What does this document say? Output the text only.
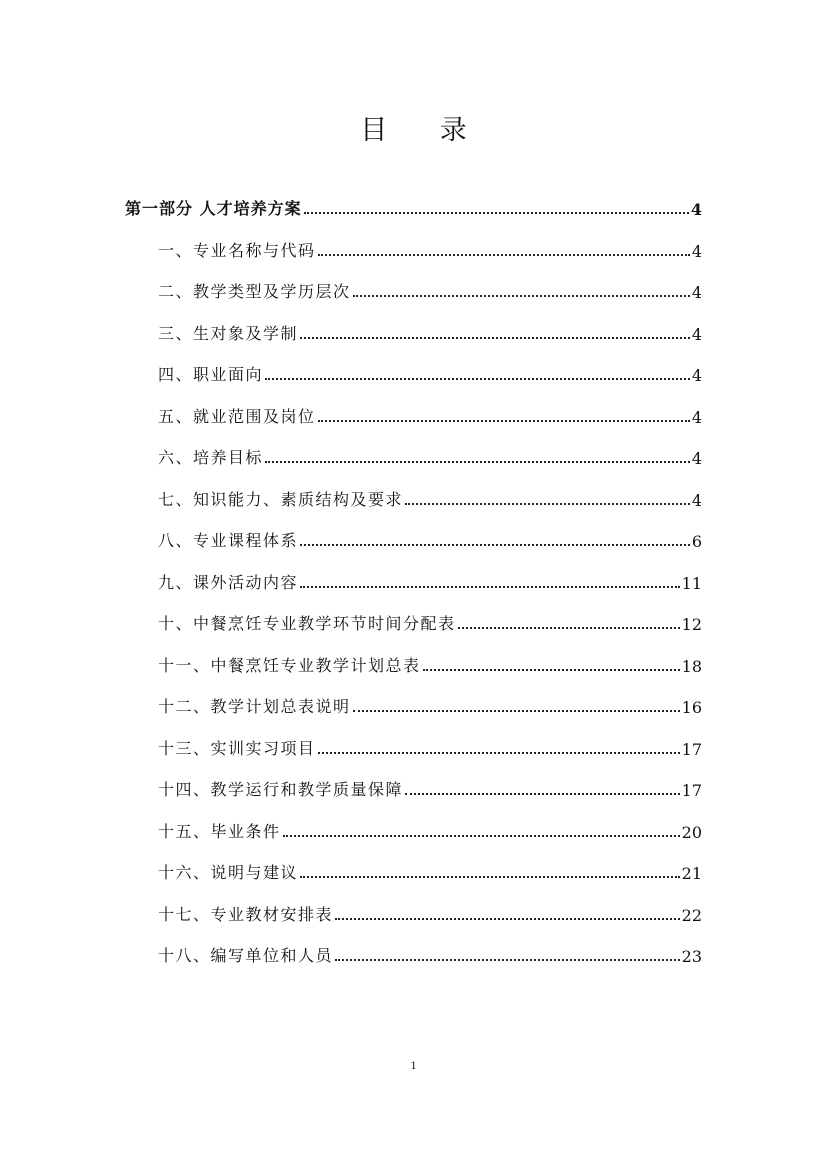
目 录
第一部分 人才培养方案	4
一、专业名称与代码	4
二、教学类型及学历层次	4
三、生对象及学制	4
四、职业面向	4
五、就业范围及岗位	4
六、培养目标	4
七、知识能力、素质结构及要求	4
八、专业课程体系	6
九、课外活动内容	11
十、中餐烹饪专业教学环节时间分配表	12
十一、中餐烹饪专业教学计划总表	18
十二、教学计划总表说明	16
十三、实训实习项目	17
十四、教学运行和教学质量保障	17
十五、毕业条件	20
十六、说明与建议	21
十七、专业教材安排表	22
十八、编写单位和人员	23
1
